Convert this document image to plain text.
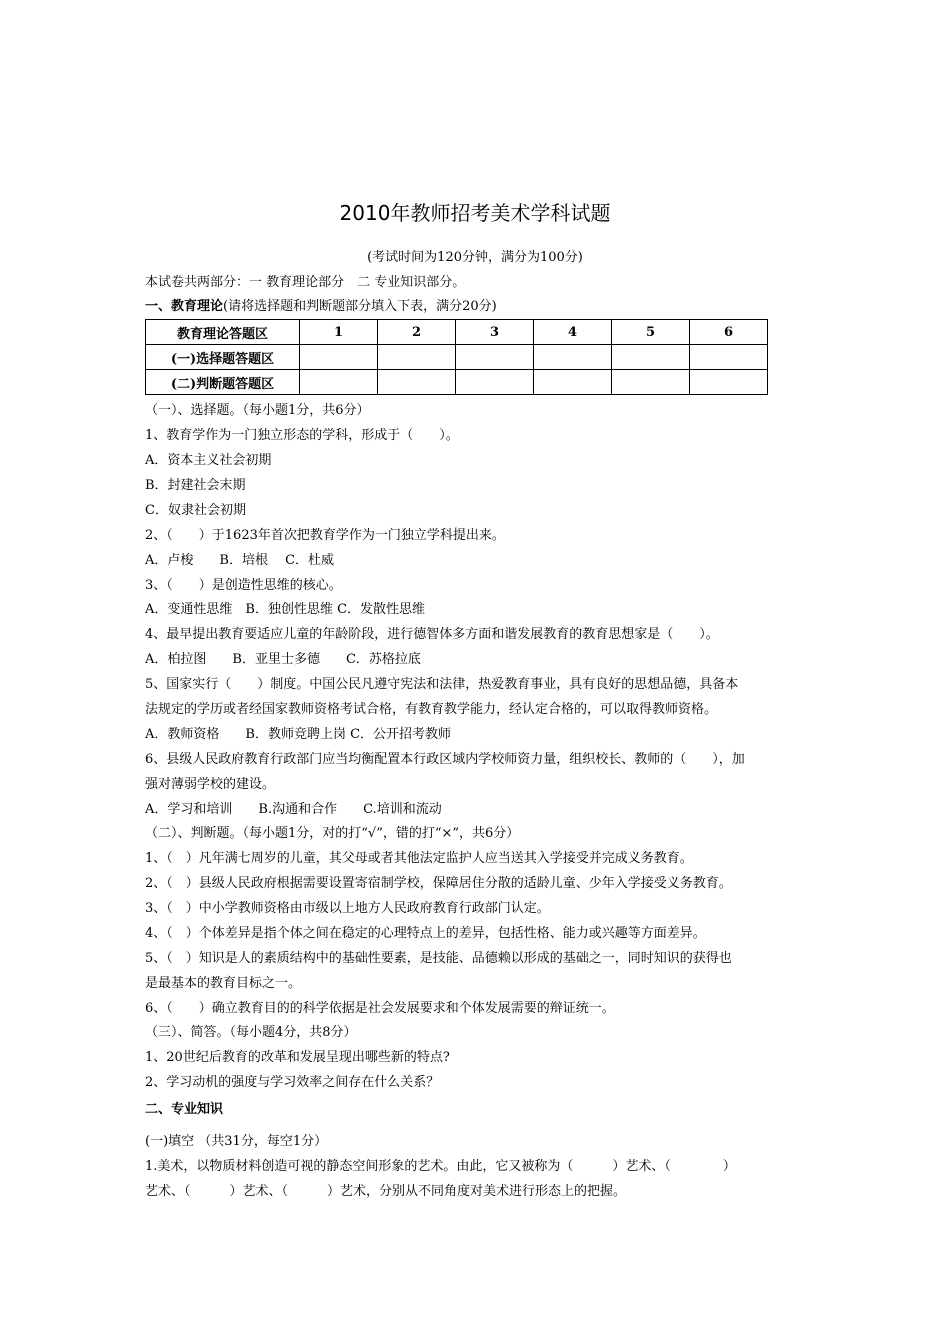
2010年教师招考美术学科试题
(考试时间为120分钟，满分为100分)
本试卷共两部分：一 教育理论部分　二 专业知识部分。
一、教育理论(请将选择题和判断题部分填入下表，满分20分)
教育理论答题区	1	2	3	4	5	6
(一)选择题答题区						
(二)判断题答题区						
（一）、选择题。（每小题1分，共6分）
1、教育学作为一门独立形态的学科，形成于（　　）。
A．资本主义社会初期
B．封建社会末期
C．奴隶社会初期
2、（　　）于1623年首次把教育学作为一门独立学科提出来。
A．卢梭　　B．培根　 C．杜威
3、（　　）是创造性思维的核心。
A．变通性思维　B．独创性思维 C．发散性思维
4、最早提出教育要适应儿童的年龄阶段，进行德智体多方面和谐发展教育的教育思想家是（　　）。
A．柏拉图　　B．亚里士多德　　C．苏格拉底
5、国家实行（　　）制度。中国公民凡遵守宪法和法律，热爱教育事业，具有良好的思想品德，具备本
法规定的学历或者经国家教师资格考试合格，有教育教学能力，经认定合格的，可以取得教师资格。
A．教师资格　　B．教师竞聘上岗 C．公开招考教师
6、县级人民政府教育行政部门应当均衡配置本行政区域内学校师资力量，组织校长、教师的（　　），加
强对薄弱学校的建设。
A．学习和培训　　B.沟通和合作　　C.培训和流动
（二）、判断题。（每小题1分，对的打“√”，错的打“×”，共6分）
1、（　）凡年满七周岁的儿童，其父母或者其他法定监护人应当送其入学接受并完成义务教育。
2、（　）县级人民政府根据需要设置寄宿制学校，保障居住分散的适龄儿童、少年入学接受义务教育。
3、（　）中小学教师资格由市级以上地方人民政府教育行政部门认定。
4、（　）个体差异是指个体之间在稳定的心理特点上的差异，包括性格、能力或兴趣等方面差异。
5、（　）知识是人的素质结构中的基础性要素，是技能、品德赖以形成的基础之一，同时知识的获得也
是最基本的教育目标之一。
6、（　　）确立教育目的的科学依据是社会发展要求和个体发展需要的辩证统一。
（三）、简答。（每小题4分，共8分）
1、20世纪后教育的改革和发展呈现出哪些新的特点?
2、学习动机的强度与学习效率之间存在什么关系？
二、专业知识
(一)填空 （共31分，每空1分）
1.美术，以物质材料创造可视的静态空间形象的艺术。由此，它又被称为（　　　）艺术、（　　　　）
艺术、（　　　）艺术、（　　　）艺术，分别从不同角度对美术进行形态上的把握。
